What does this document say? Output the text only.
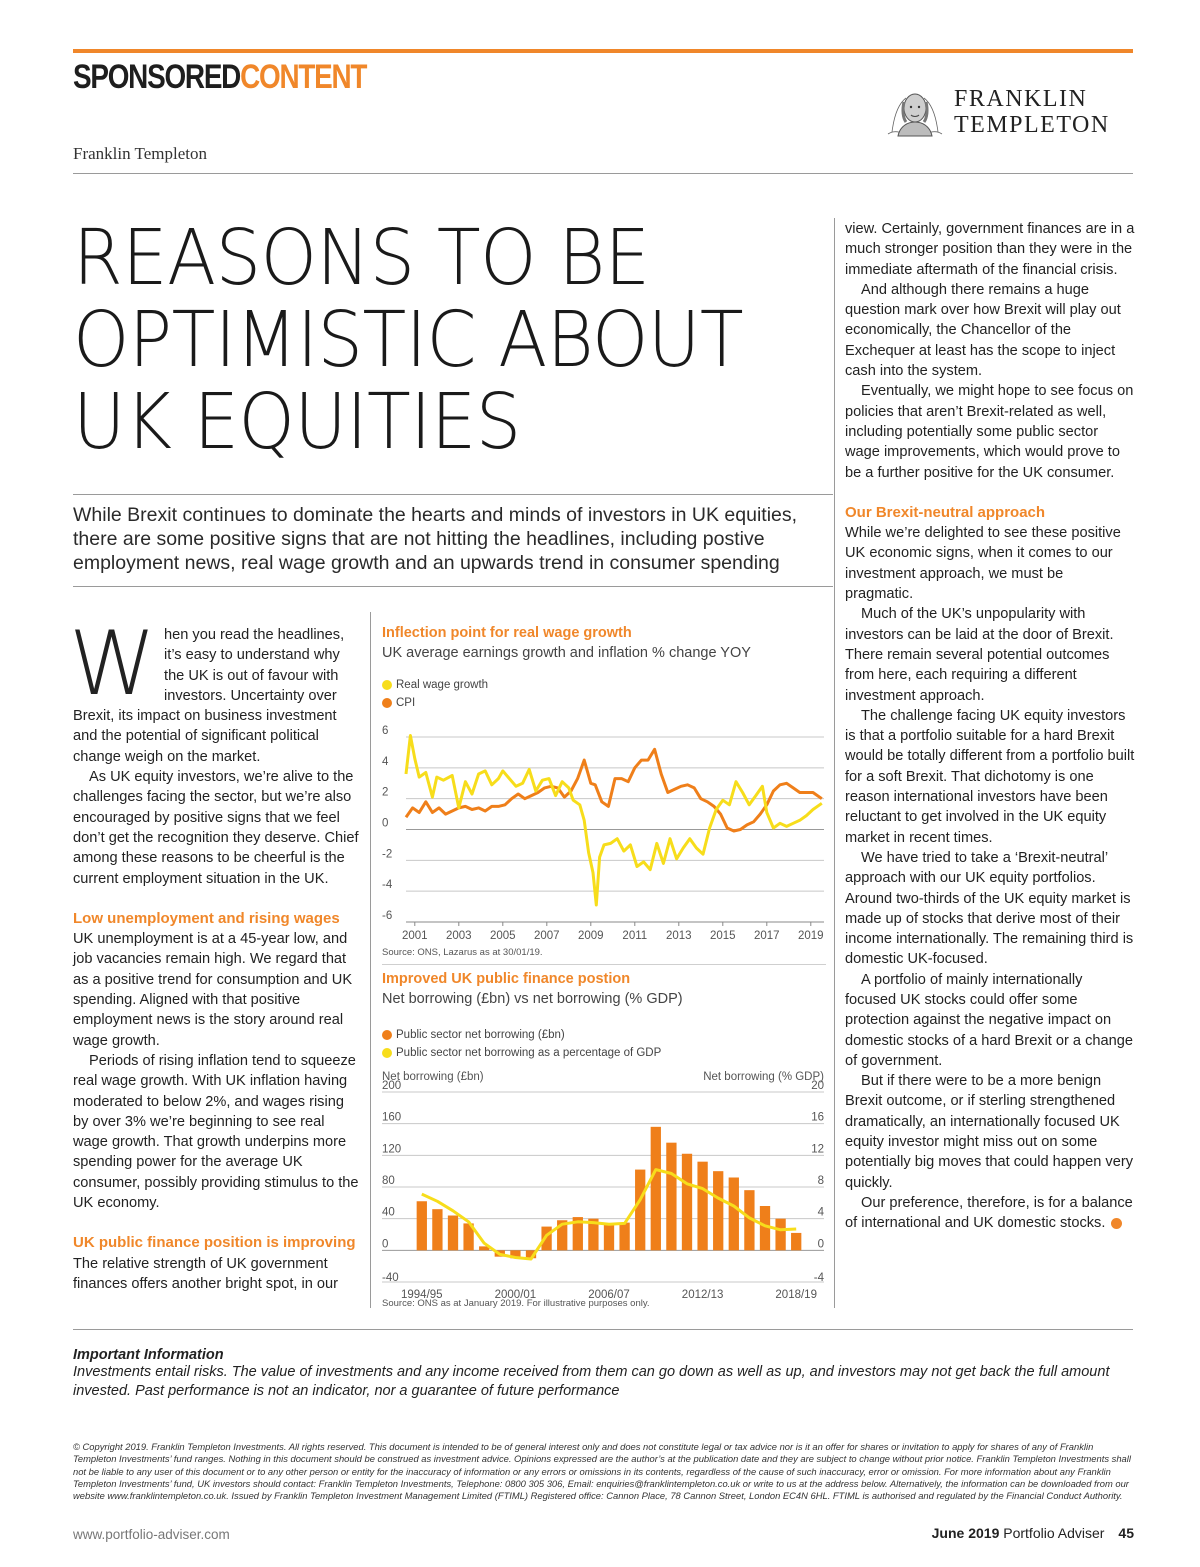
SPONSOREDCONTENT
FRANKLIN
TEMPLETON
Franklin Templeton
REASONS TO BE
OPTIMISTIC ABOUT
UK EQUITIES
While Brexit continues to dominate the hearts and minds of investors in UK equities, there are some positive signs that are not hitting the headlines, including postive employment news, real wage growth and an upwards trend in consumer spending

When you read the headlines, it’s easy to understand why the UK is out of favour with investors. Uncertainty over Brexit, its impact on business investment and the potential of significant political change weigh on the market.

As UK equity investors, we’re alive to the challenges facing the sector, but we’re also encouraged by positive signs that we feel don’t get the recognition they deserve. Chief among these reasons to be cheerful is the current employment situation in the UK.

Low unemployment and rising wages

UK unemployment is at a 45-year low, and job vacancies remain high. We regard that as a positive trend for consumption and UK spending. Aligned with that positive employment news is the story around real wage growth.

Periods of rising inflation tend to squeeze real wage growth. With UK inflation having moderated to below 2%, and wages rising by over 3% we’re beginning to see real wage growth. That growth underpins more spending power for the average UK consumer, possibly providing stimulus to the UK economy.

UK public finance position is improving

The relative strength of UK government finances offers another bright spot, in our

view. Certainly, government finances are in a much stronger position than they were in the immediate aftermath of the financial crisis.

And although there remains a huge question mark over how Brexit will play out economically, the Chancellor of the Exchequer at least has the scope to inject cash into the system.

Eventually, we might hope to see focus on policies that aren’t Brexit-related as well, including potentially some public sector wage improvements, which would prove to be a further positive for the UK consumer.

Our Brexit-neutral approach

While we’re delighted to see these positive UK economic signs, when it comes to our investment approach, we must be pragmatic.

Much of the UK’s unpopularity with investors can be laid at the door of Brexit. There remain several potential outcomes from here, each requiring a different investment approach.

The challenge facing UK equity investors is that a portfolio suitable for a hard Brexit would be totally different from a portfolio built for a soft Brexit. That dichotomy is one reason international investors have been reluctant to get involved in the UK equity market in recent times.

We have tried to take a ‘Brexit-neutral’ approach with our UK equity portfolios. Around two-thirds of the UK equity market is made up of stocks that derive most of their income internationally. The remaining third is domestic UK-focused.

A portfolio of mainly internationally focused UK stocks could offer some protection against the negative impact on domestic stocks of a hard Brexit or a change of government.

But if there were to be a more benign Brexit outcome, or if sterling strengthened dramatically, an internationally focused UK equity investor might miss out on some potentially big moves that could happen very quickly.

Our preference, therefore, is for a balance of international and UK domestic stocks.

Inflection point for real wage growth
UK average earnings growth and inflation % change YOY
Real wage growth
CPI
6
4
2
0
-2
-4
-6
2001 2003 2005 2007 2009 2011 2013 2015 2017 2019
Source: ONS, Lazarus as at 30/01/19.
Improved UK public finance postion
Net borrowing (£bn) vs net borrowing (% GDP)
Public sector net borrowing (£bn)
Public sector net borrowing as a percentage of GDP
Net borrowing (£bn)	Net borrowing (% GDP)
200	20
160	16
120	12
80	8
40	4
0	0
-40	-4
1994/95	2000/01	2006/07	2012/13	2018/19
Source: ONS as at January 2019. For illustrative purposes only.
Important Information
Investments entail risks. The value of investments and any income received from them can go down as well as up, and investors may not get back the full amount invested. Past performance is not an indicator, nor a guarantee of future performance
© Copyright 2019. Franklin Templeton Investments. All rights reserved. This document is intended to be of general interest only and does not constitute legal or tax advice nor is it an offer for shares or invitation to apply for shares of any of Franklin Templeton Investments’ fund ranges. Nothing in this document should be construed as investment advice. Opinions expressed are the author’s at the publication date and they are subject to change without prior notice. Franklin Templeton Investments shall not be liable to any user of this document or to any other person or entity for the inaccuracy of information or any errors or omissions in its contents, regardless of the cause of such inaccuracy, error or omission. For more information about any Franklin Templeton Investments’ fund, UK investors should contact: Franklin Templeton Investments, Telephone: 0800 305 306, Email: enquiries@franklintempleton.co.uk or write to us at the address below. Alternatively, the information can be downloaded from our website www.franklintempleton.co.uk. Issued by Franklin Templeton Investment Management Limited (FTIML) Registered office: Cannon Place, 78 Cannon Street, London EC4N 6HL. FTIML is authorised and regulated by the Financial Conduct Authority.
www.portfolio-adviser.com	June 2019 Portfolio Adviser 45
